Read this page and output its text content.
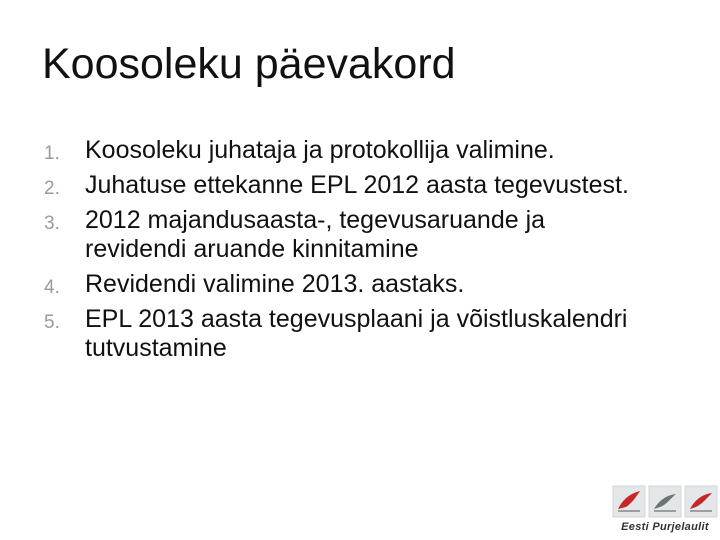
Koosoleku päevakord
1. Koosoleku juhataja ja protokollija valimine.
2. Juhatuse ettekanne EPL 2012 aasta tegevustest.
3. 2012 majandusaasta-, tegevusaruande ja revidendi aruande kinnitamine
4. Revidendi valimine 2013. aastaks.
5. EPL 2013 aasta tegevusplaani ja võistluskalendri tutvustamine
Eesti Purjelaulit
